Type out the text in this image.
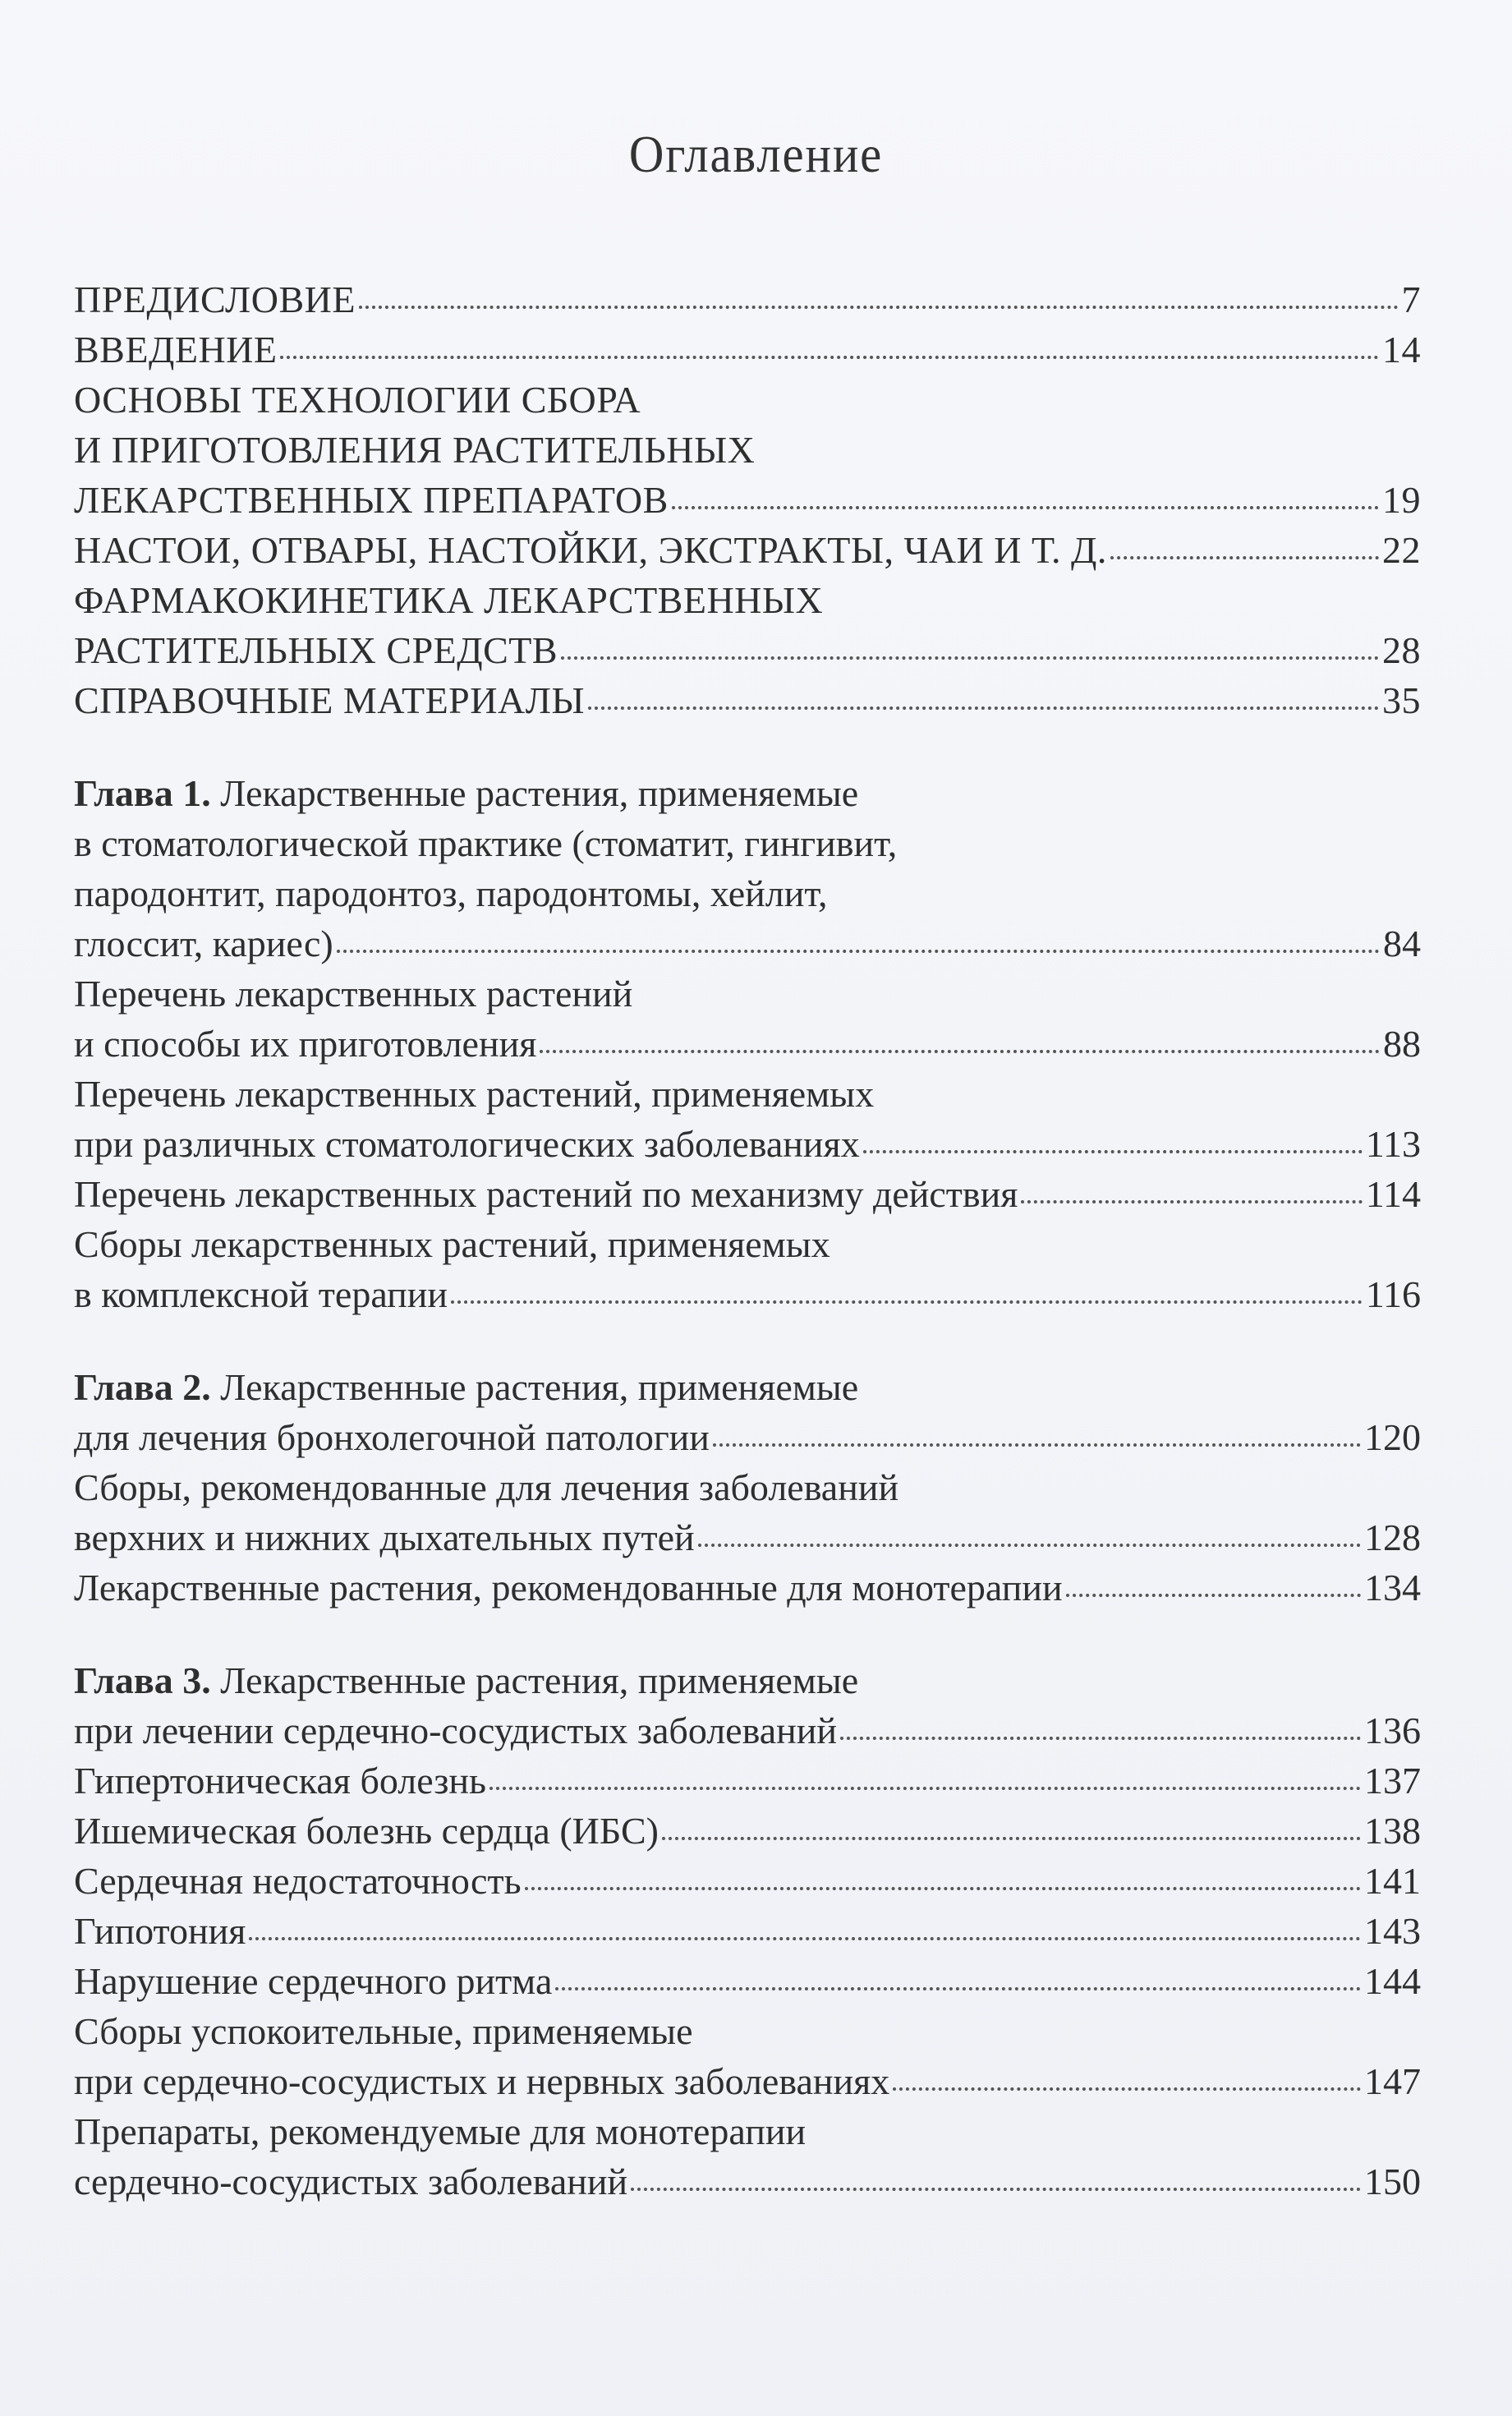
Оглавление
ПРЕДИСЛОВИЕ	7
ВВЕДЕНИЕ	14
ОСНОВЫ ТЕХНОЛОГИИ СБОРА
И ПРИГОТОВЛЕНИЯ РАСТИТЕЛЬНЫХ
ЛЕКАРСТВЕННЫХ ПРЕПАРАТОВ	19
НАСТОИ, ОТВАРЫ, НАСТОЙКИ, ЭКСТРАКТЫ, ЧАИ И Т. Д.	22
ФАРМАКОКИНЕТИКА ЛЕКАРСТВЕННЫХ
РАСТИТЕЛЬНЫХ СРЕДСТВ	28
СПРАВОЧНЫЕ МАТЕРИАЛЫ	35
Глава 1. Лекарственные растения, применяемые
в стоматологической практике (стоматит, гингивит,
пародонтит, пародонтоз, пародонтомы, хейлит,
глоссит, кариес)	84
Перечень лекарственных растений
и способы их приготовления	88
Перечень лекарственных растений, применяемых
при различных стоматологических заболеваниях	113
Перечень лекарственных растений по механизму действия	114
Сборы лекарственных растений, применяемых
в комплексной терапии	116
Глава 2. Лекарственные растения, применяемые
для лечения бронхолегочной патологии	120
Сборы, рекомендованные для лечения заболеваний
верхних и нижних дыхательных путей	128
Лекарственные растения, рекомендованные для монотерапии	134
Глава 3. Лекарственные растения, применяемые
при лечении сердечно-сосудистых заболеваний	136
Гипертоническая болезнь	137
Ишемическая болезнь сердца (ИБС)	138
Сердечная недостаточность	141
Гипотония	143
Нарушение сердечного ритма	144
Сборы успокоительные, применяемые
при сердечно-сосудистых и нервных заболеваниях	147
Препараты, рекомендуемые для монотерапии
сердечно-сосудистых заболеваний	150
